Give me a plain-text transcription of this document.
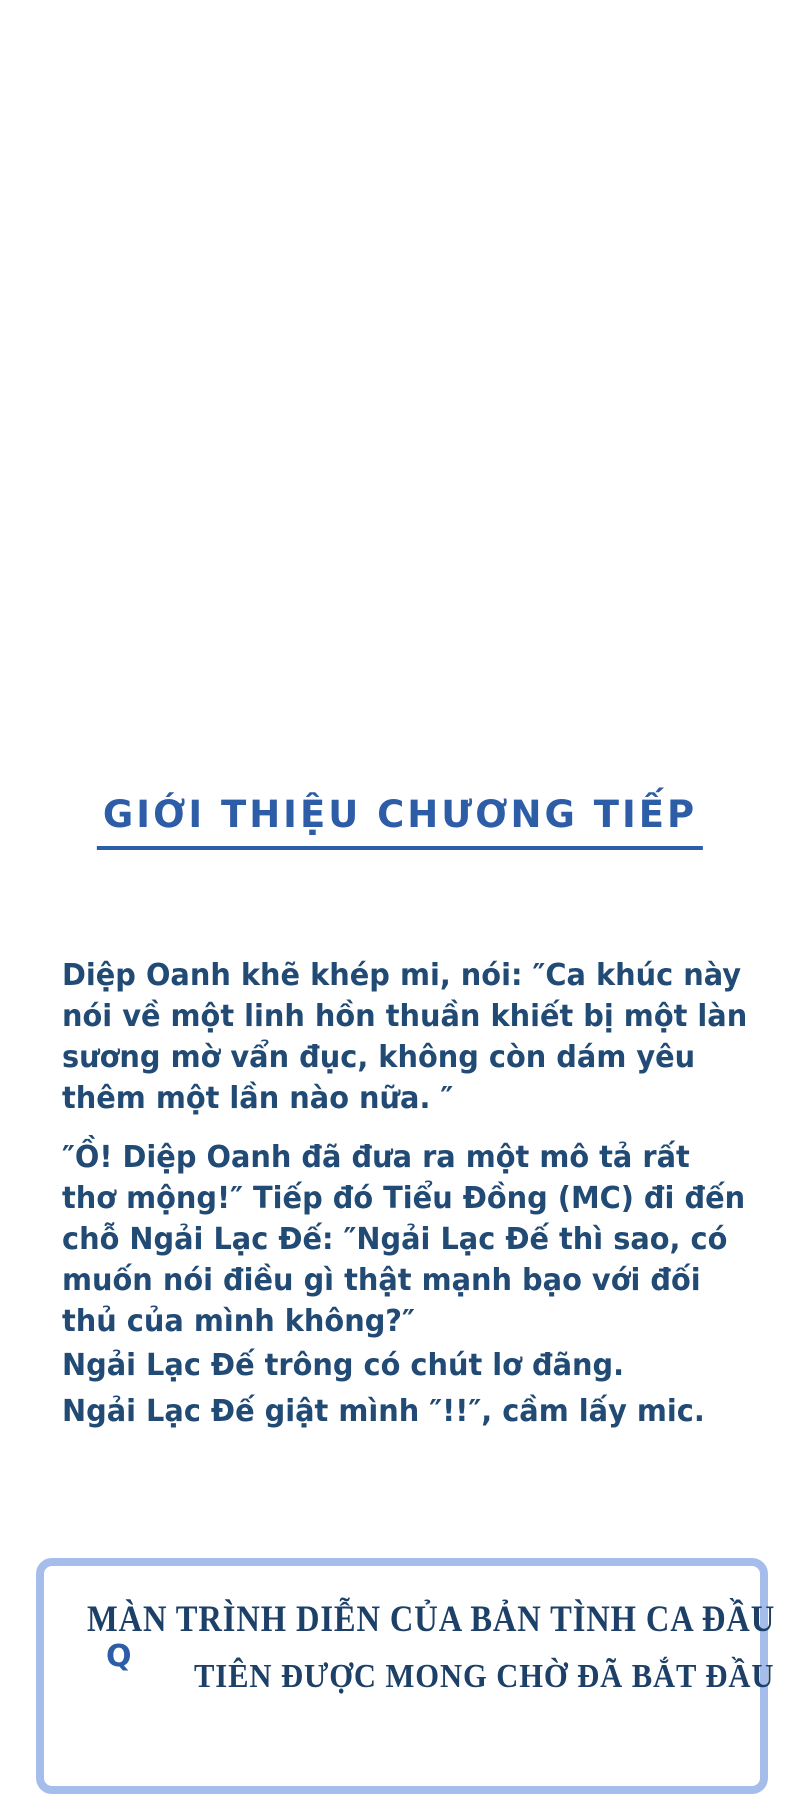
GIỚI THIỆU CHƯƠNG TIẾP

Diệp Oanh khẽ khép mi, nói: ″Ca khúc này
nói về một linh hồn thuần khiết bị một làn
sương mờ vẩn đục, không còn dám yêu
thêm một lần nào nữa. ″

″Ồ! Diệp Oanh đã đưa ra một mô tả rất
thơ mộng!″ Tiếp đó Tiểu Đồng (MC) đi đến
chỗ Ngải Lạc Đế: ″Ngải Lạc Đế thì sao, có
muốn nói điều gì thật mạnh bạo với đối
thủ của mình không?″

Ngải Lạc Đế trông có chút lơ đãng.

Ngải Lạc Đế giật mình ″!!″, cầm lấy mic.

MÀN TRÌNH DIỄN CỦA BẢN TÌNH CA ĐẦU
Q
TIÊN ĐƯỢC MONG CHỜ ĐÃ BẮT ĐẦU
